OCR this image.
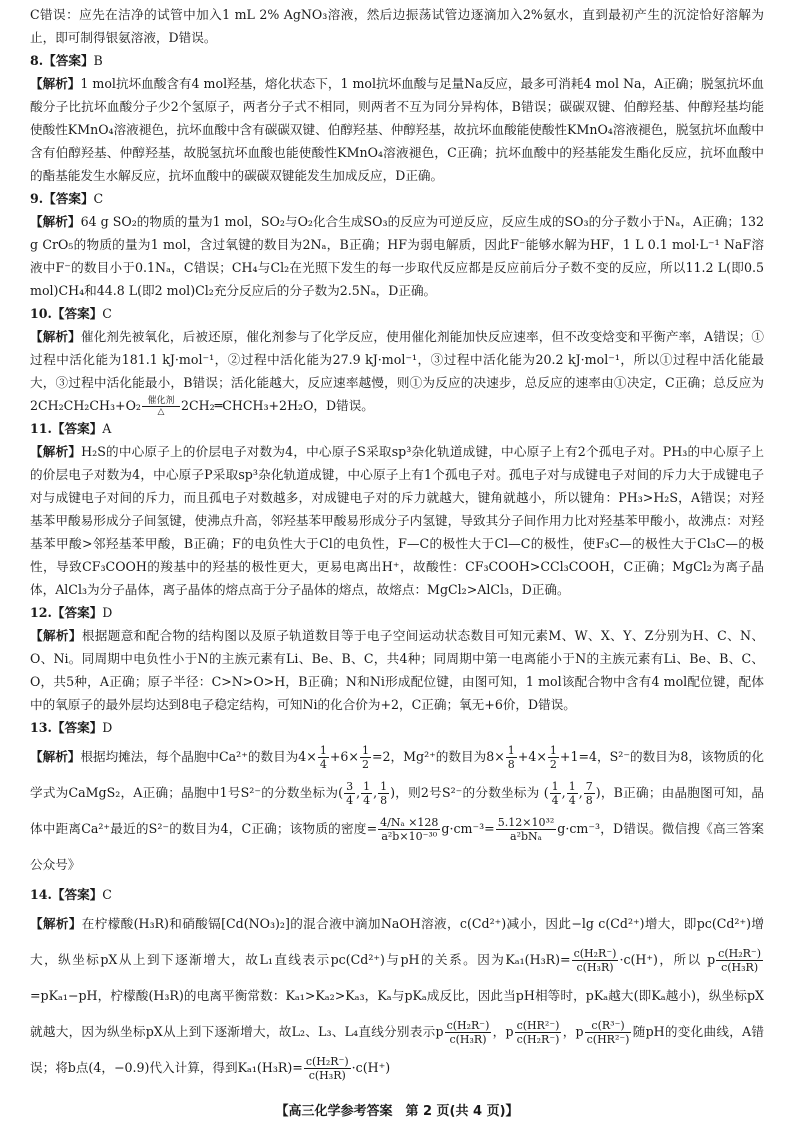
C错误：应先在洁净的试管中加入1 mL 2% AgNO₃溶液，然后边振荡试管边逐滴加入2%氨水，直到最初产生的沉淀恰好溶解为止，即可制得银氨溶液，D错误。

8.【答案】B

【解析】1 mol抗坏血酸含有4 mol羟基，熔化状态下，1 mol抗坏血酸与足量Na反应，最多可消耗4 mol Na，A正确；脱氢抗坏血酸分子比抗坏血酸分子少2个氢原子，两者分子式不相同，则两者不互为同分异构体，B错误；碳碳双键、伯醇羟基、仲醇羟基均能使酸性KMnO₄溶液褪色，抗坏血酸中含有碳碳双键、伯醇羟基、仲醇羟基，故抗坏血酸能使酸性KMnO₄溶液褪色，脱氢抗坏血酸中含有伯醇羟基、仲醇羟基，故脱氢抗坏血酸也能使酸性KMnO₄溶液褪色，C正确；抗坏血酸中的羟基能发生酯化反应，抗坏血酸中的酯基能发生水解反应，抗坏血酸中的碳碳双键能发生加成反应，D正确。

9.【答案】C

【解析】64 g SO₂的物质的量为1 mol，SO₂与O₂化合生成SO₃的反应为可逆反应，反应生成的SO₃的分子数小于Nₐ，A正确；132 g CrO₅的物质的量为1 mol，含过氧键的数目为2Nₐ，B正确；HF为弱电解质，因此F⁻能够水解为HF，1 L 0.1 mol·L⁻¹ NaF溶液中F⁻的数目小于0.1Nₐ，C错误；CH₄与Cl₂在光照下发生的每一步取代反应都是反应前后分子数不变的反应，所以11.2 L(即0.5 mol)CH₄和44.8 L(即2 mol)Cl₂充分反应后的分子数为2.5Nₐ，D正确。

10.【答案】C

【解析】催化剂先被氧化，后被还原，催化剂参与了化学反应，使用催化剂能加快反应速率，但不改变焓变和平衡产率，A错误；①过程中活化能为181.1 kJ·mol⁻¹，②过程中活化能为27.9 kJ·mol⁻¹，③过程中活化能为20.2 kJ·mol⁻¹，所以①过程中活化能最大，③过程中活化能最小，B错误；活化能越大，反应速率越慢，则①为反应的决速步，总反应的速率由①决定，C正确；总反应为$2CH_2CH_2CH_3+O_2 \frac{\text{催化剂}}{\triangle}$ 2CH₂═CHCH₃+2H₂O，D错误。

11.【答案】A

【解析】H₂S的中心原子上的价层电子对数为4，中心原子S采取sp³杂化轨道成键，中心原子上有2个孤电子对。PH₃的中心原子上的价层电子对数为4，中心原子P采取sp³杂化轨道成键，中心原子上有1个孤电子对。孤电子对与成键电子对间的斥力大于成键电子对与成键电子对间的斥力，而且孤电子对数越多，对成键电子对的斥力就越大，键角就越小，所以键角：PH₃>H₂S，A错误；对羟基苯甲酸易形成分子间氢键，使沸点升高，邻羟基苯甲酸易形成分子内氢键，导致其分子间作用力比对羟基苯甲酸小，故沸点：对羟基苯甲酸>邻羟基苯甲酸，B正确；F的电负性大于Cl的电负性，F—C的极性大于Cl—C的极性，使F₃C—的极性大于Cl₃C—的极性，导致CF₃COOH的羧基中的羟基的极性更大，更易电离出H⁺，故酸性：CF₃COOH>CCl₃COOH，C正确；MgCl₂为离子晶体，AlCl₃为分子晶体，离子晶体的熔点高于分子晶体的熔点，故熔点：MgCl₂>AlCl₃，D正确。

12.【答案】D

【解析】根据题意和配合物的结构图以及原子轨道数目等于电子空间运动状态数目可知元素M、W、X、Y、Z分别为H、C、N、O、Ni。同周期中电负性小于N的主族元素有Li、Be、B、C，共4种；同周期中第一电离能小于N的主族元素有Li、Be、B、C、O，共5种，A正确；原子半径：C>N>O>H，B正确；N和Ni形成配位键，由图可知，1 mol该配合物中含有4 mol配位键，配体中的氧原子的最外层均达到8电子稳定结构，可知Ni的化合价为+2，C正确；氧无+6价，D错误。

13.【答案】D

【解析】根据均摊法，每个晶胞中Ca²⁺的数目为$4\times \frac{1}{4} +6\times \frac{1}{2} =2$，Mg²⁺的数目为$8\times \frac{1}{8} +4\times \frac{1}{2} +1=4$，S²⁻的数目为8，该物质的化学式为CaMgS₂，A正确；晶胞中1号S²⁻的分数坐标为( $\frac{3}{4}$ , $\frac{1}{4}$ , $\frac{1}{8}$ )，则2号S²⁻的分数坐标为 ( $\frac{1}{4}$ , $\frac{1}{4}$ , $\frac{7}{8}$ )，B正确；由晶胞图可知，晶体中距离Ca²⁺最近的S²⁻的数目为4，C正确；该物质的密度= $\frac{\text{4/Nₐ ×128}}{\text{a²b×10⁻³⁰}} g\cdot cm^{-3}= \frac{\text{5.12×10³²}}{\text{a²bNₐ}} g\cdot cm^{-3}$，D错误。微信搜《高三答案公众号》

14.【答案】C

【解析】在柠檬酸(H₃R)和硝酸镉[Cd(NO₃)₂]的混合液中滴加NaOH溶液，c(Cd²⁺)减小，因此−lg c(Cd²⁺)增大，即pc(Cd²⁺)增大，纵坐标pX从上到下逐渐增大，故L₁直线表示pc(Cd²⁺)与pH的关系。因为$K_{a1}(H_3R)= \frac{\text{c(H₂R⁻)}}{\text{c(H₃R)}} \cdot c(H^+)$，所以 p $\frac{\text{c(H₂R⁻)}}{\text{c(H₃R)}}$
=pKₐ₁−pH，柠檬酸(H₃R)的电离平衡常数：Kₐ₁>Kₐ₂>Kₐ₃，Kₐ与pKₐ成反比，因此当pH相等时，pKₐ越大(即Kₐ越小)，纵坐标pX就越大，因为纵坐标pX从上到下逐渐增大，故L₂、L₃、L₄直线分别表示p $\frac{\text{c(H₂R⁻)}}{\text{c(H₃R)}}$ ，p $\frac{\text{c(HR²⁻)}}{\text{c(H₂R⁻)}}$ ，p $\frac{\text{c(R³⁻)}}{\text{c(HR²⁻)}}$ 随pH的变化曲线，A错误；将b点(4，−0.9)代入计算，得到$K_{a1}(H_3R)= \frac{\text{c(H₂R⁻)}}{\text{c(H₃R)}} \cdot c(H^+)$

【高三化学参考答案　第 2 页(共 4 页)】
